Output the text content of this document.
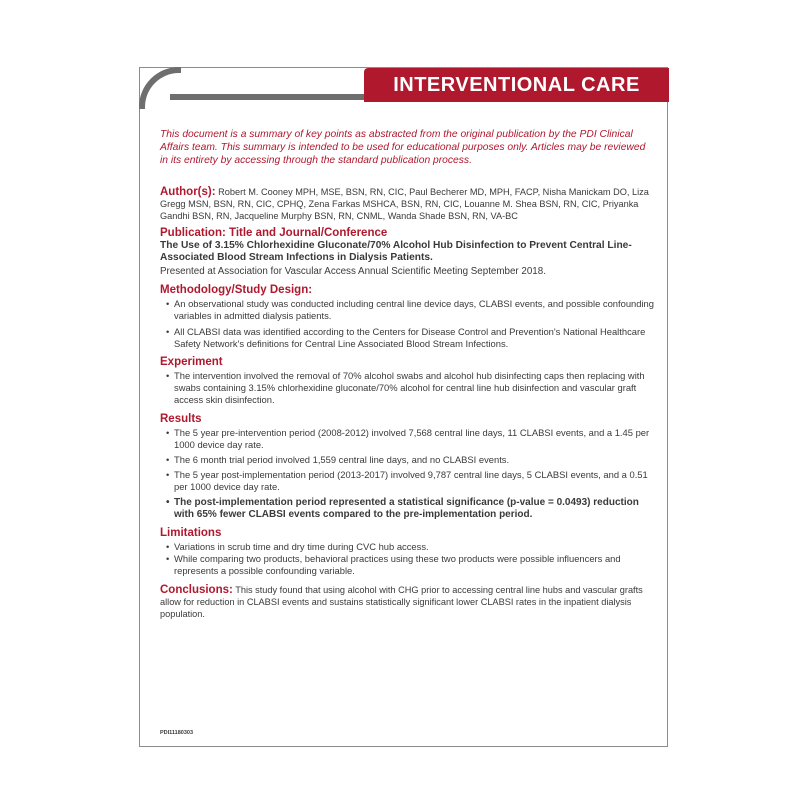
INTERVENTIONAL CARE

This document is a summary of key points as abstracted from the original publication by the PDI Clinical Affairs team. This summary is intended to be used for educational purposes only. Articles may be reviewed in its entirety by accessing through the standard publication process.

Author(s): Robert M. Cooney MPH, MSE, BSN, RN, CIC, Paul Becherer MD, MPH, FACP, Nisha Manickam DO, Liza Gregg MSN, BSN, RN, CIC, CPHQ, Zena Farkas MSHCA, BSN, RN, CIC, Louanne M. Shea BSN, RN, CIC, Priyanka Gandhi BSN, RN, Jacqueline Murphy BSN, RN, CNML, Wanda Shade BSN, RN, VA-BC

Publication: Title and Journal/Conference

The Use of 3.15% Chlorhexidine Gluconate/70% Alcohol Hub Disinfection to Prevent Central Line-Associated Blood Stream Infections in Dialysis Patients.

Presented at Association for Vascular Access Annual Scientific Meeting September 2018.

Methodology/Study Design:

• An observational study was conducted including central line device days, CLABSI events, and possible confounding variables in admitted dialysis patients.
• All CLABSI data was identified according to the Centers for Disease Control and Prevention's National Healthcare Safety Network's definitions for Central Line Associated Blood Stream Infections.

Experiment

• The intervention involved the removal of 70% alcohol swabs and alcohol hub disinfecting caps then replacing with swabs containing 3.15% chlorhexidine gluconate/70% alcohol for central line hub disinfection and vascular graft access skin disinfection.

Results

• The 5 year pre-intervention period (2008-2012) involved 7,568 central line days, 11 CLABSI events, and a 1.45 per 1000 device day rate.
• The 6 month trial period involved 1,559 central line days, and no CLABSI events.
• The 5 year post-implementation period (2013-2017) involved 9,787 central line days, 5 CLABSI events, and a 0.51 per 1000 device day rate.
• The post-implementation period represented a statistical significance (p-value = 0.0493) reduction with 65% fewer CLABSI events compared to the pre-implementation period.

Limitations

• Variations in scrub time and dry time during CVC hub access.
• While comparing two products, behavioral practices using these two products were possible influencers and represents a possible confounding variable.

Conclusions: This study found that using alcohol with CHG prior to accessing central line hubs and vascular grafts allow for reduction in CLABSI events and sustains statistically significant lower CLABSI rates in the inpatient dialysis population.

PDI11180303
